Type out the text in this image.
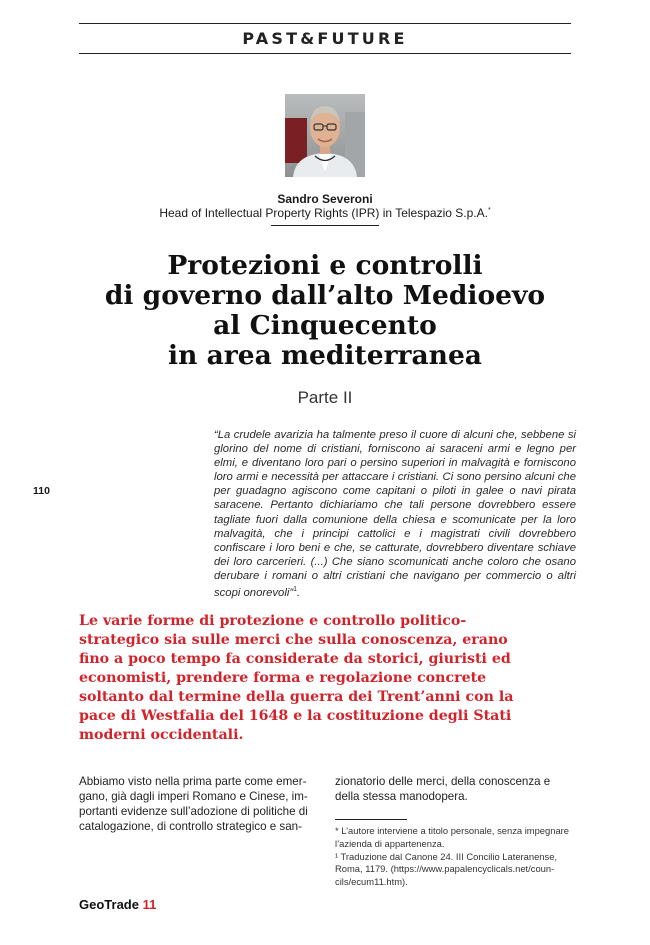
PAST&FUTURE
Sandro Severoni
Head of Intellectual Property Rights (IPR) in Telespazio S.p.A.*
Protezioni e controlli
di governo dall’alto Medioevo
al Cinquecento
in area mediterranea
Parte II
110
“La crudele avarizia ha talmente preso il cuore di alcuni che, sebbene si glorino del nome di cristiani, forniscono ai saraceni armi e legno per elmi, e diventano loro pari o persino superiori in malvagità e forniscono loro armi e necessità per attaccare i cristiani. Ci sono persino alcuni che per guadagno agiscono come capitani o piloti in galee o navi pirata saracene. Pertanto dichiariamo che tali persone dovrebbero essere tagliate fuori dalla comunione della chiesa e scomunicate per la loro malvagità, che i principi cattolici e i magistrati civili dovrebbero confiscare i loro beni e che, se catturate, dovrebbero diventare schiave dei loro carcerieri. (...) Che siano scomunicati anche coloro che osano derubare i romani o altri cristiani che navigano per commercio o altri scopi onorevoli”$^1$.
Le varie forme di protezione e controllo politico-
strategico sia sulle merci che sulla conoscenza, erano
fino a poco tempo fa considerate da storici, giuristi ed
economisti, prendere forma e regolazione concrete
soltanto dal termine della guerra dei Trent’anni con la
pace di Westfalia del 1648 e la costituzione degli Stati
moderni occidentali.
Abbiamo visto nella prima parte come emer-
gano, già dagli imperi Romano e Cinese, im-
portanti evidenze sull’adozione di politiche di
catalogazione, di controllo strategico e san-
zionatorio delle merci, della conoscenza e
della stessa manodopera.
* L’autore interviene a titolo personale, senza impegnare
l’azienda di appartenenza.
¹ Traduzione dal Canone 24. III Concilio Lateranense,
Roma, 1179. (https://www.papalencyclicals.net/coun-
cils/ecum11.htm).
GeoTrade 11
